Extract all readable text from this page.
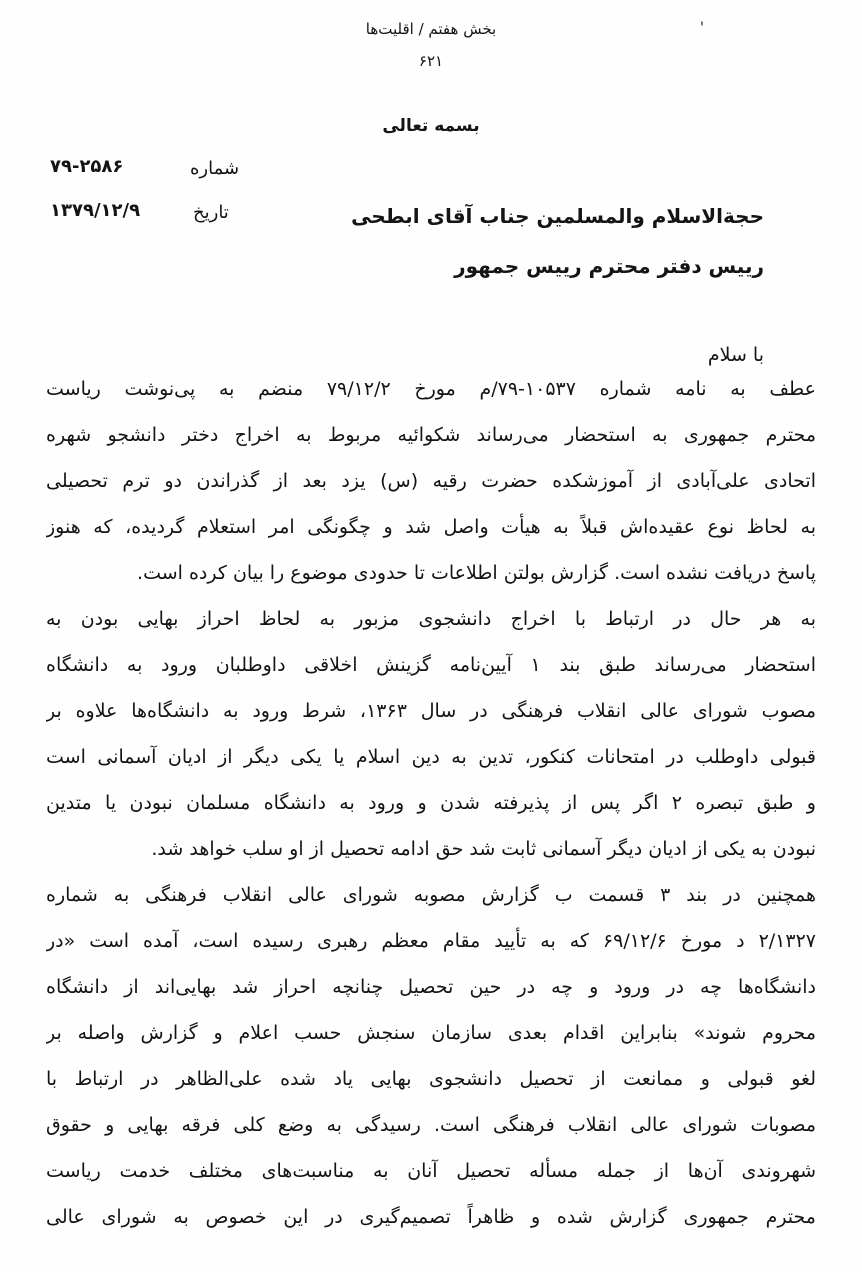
بخش هفتم / اقلیت‌ها	'
۶۲۱
بسمه تعالی
شماره
۷۹-۲۵۸۶
تاریخ
۱۳۷۹/۱۲/۹	حجة‌الاسلام والمسلمین جناب آقای ابطحی
رییس دفتر محترم رییس جمهور
با سلام
عطف به نامه شماره ۱۰۵۳۷-۷۹/م مورخ ۷۹/۱۲/۲ منضم به پی‌نوشت ریاست
محترم جمهوری به استحضار می‌رساند شکوائیه مربوط به اخراج دختر دانشجو شهره
اتحادی علی‌آبادی از آموزشکده حضرت رقیه (س) یزد بعد از گذراندن دو ترم تحصیلی
به لحاظ نوع عقیده‌اش قبلاً به هیأت واصل شد و چگونگی امر استعلام گردیده، که هنوز
پاسخ دریافت نشده است. گزارش بولتن اطلاعات تا حدودی موضوع را بیان کرده است.
به هر حال در ارتباط با اخراج دانشجوی مزبور به لحاظ احراز بهایی بودن به
استحضار می‌رساند طبق بند ۱ آیین‌نامه گزینش اخلاقی داوطلبان ورود به دانشگاه
مصوب شورای عالی انقلاب فرهنگی در سال ۱۳۶۳، شرط ورود به دانشگاه‌ها علاوه بر
قبولی داوطلب در امتحانات کنکور، تدین به دین اسلام یا یکی دیگر از ادیان آسمانی است
و طبق تبصره ۲ اگر پس از پذیرفته شدن و ورود به دانشگاه مسلمان نبودن یا متدین
نبودن به یکی از ادیان دیگر آسمانی ثابت شد حق ادامه تحصیل از او سلب خواهد شد.
همچنین در بند ۳ قسمت ب گزارش مصوبه شورای عالی انقلاب فرهنگی به شماره
۲/۱۳۲۷ د مورخ ۶۹/۱۲/۶ که به تأیید مقام معظم رهبری رسیده است، آمده است «در
دانشگاه‌ها چه در ورود و چه در حین تحصیل چنانچه احراز شد بهایی‌اند از دانشگاه
محروم شوند» بنابراین اقدام بعدی سازمان سنجش حسب اعلام و گزارش واصله بر
لغو قبولی و ممانعت از تحصیل دانشجوی بهایی یاد شده علی‌الظاهر در ارتباط با
مصوبات شورای عالی انقلاب فرهنگی است. رسیدگی به وضع کلی فرقه بهایی و حقوق
شهروندی آن‌ها از جمله مسأله تحصیل آنان به مناسبت‌های مختلف خدمت ریاست
محترم جمهوری گزارش شده و ظاهراً تصمیم‌گیری در این خصوص به شورای عالی
